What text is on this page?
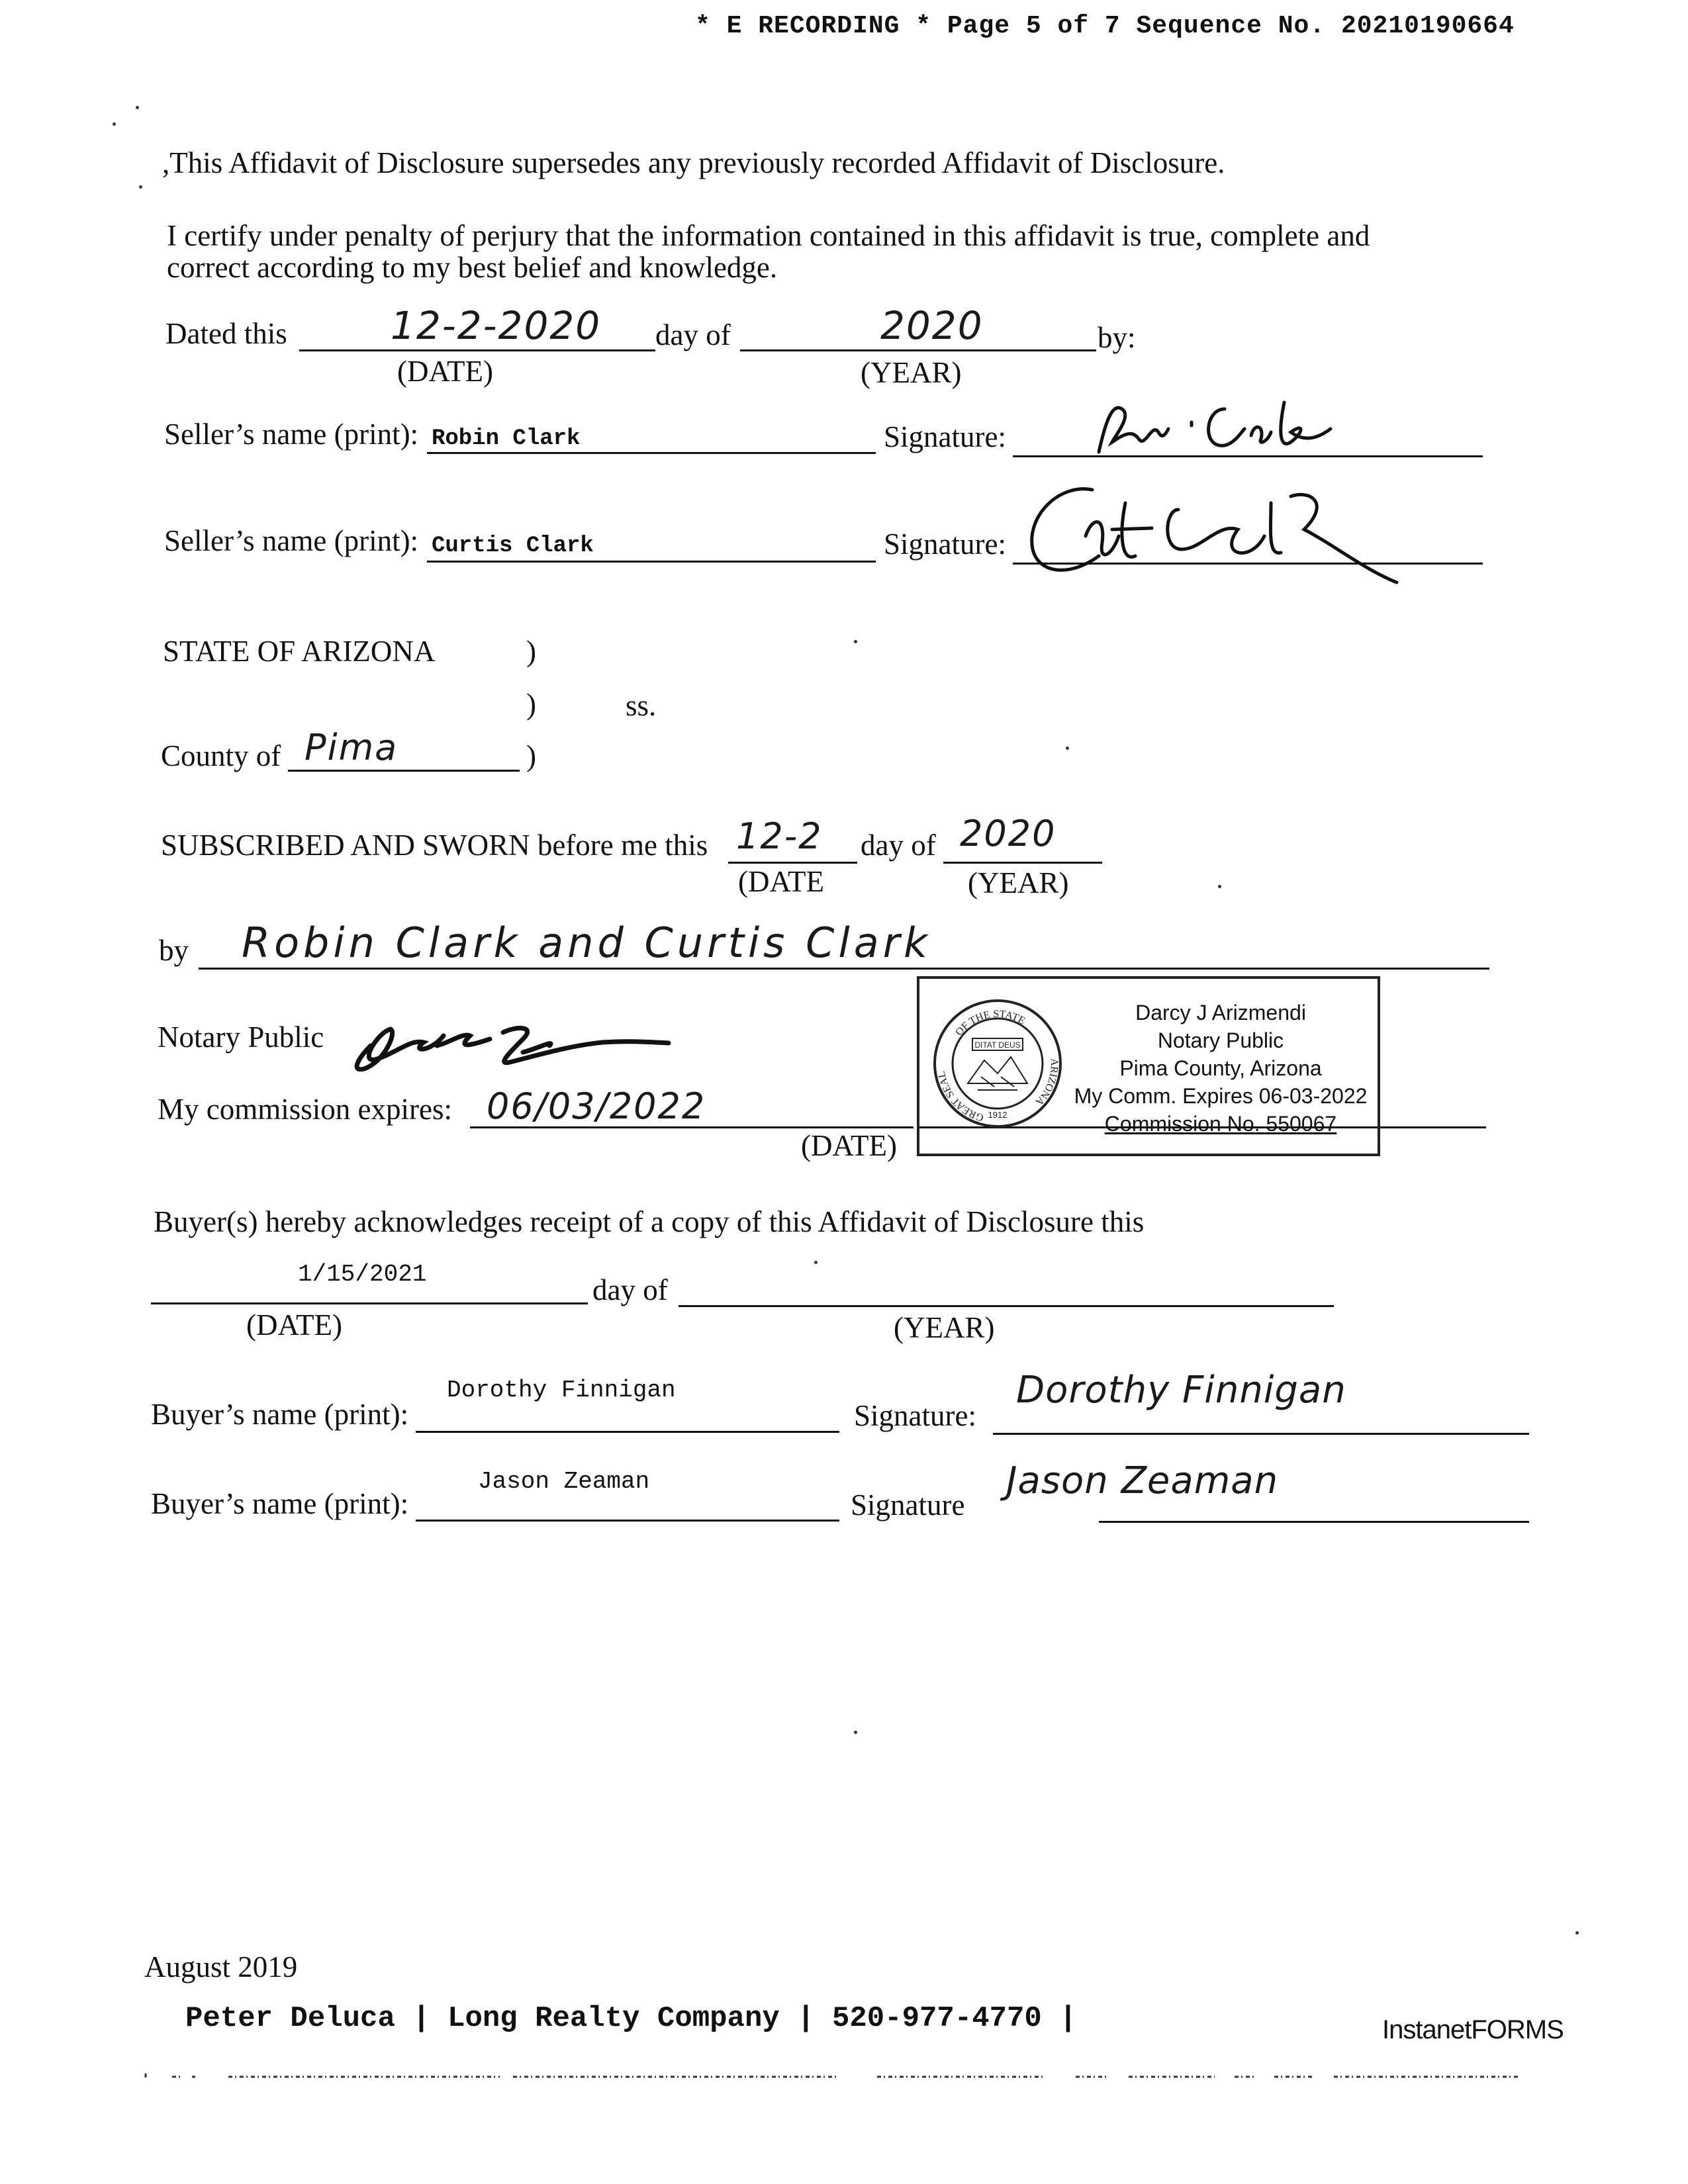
* E RECORDING * Page 5 of 7 Sequence No. 20210190664
,This Affidavit of Disclosure supersedes any previously recorded Affidavit of Disclosure.
I certify under penalty of perjury that the information contained in this affidavit is true, complete and
correct according to my best belief and knowledge.
Dated this	12-2-2020
(DATE)
day of	2020
(YEAR)
by:
Seller’s name (print): Robin Clark	Signature:
Seller’s name (print): Curtis Clark	Signature:
STATE OF ARIZONA	)
)	ss.
County of Pima	)
SUBSCRIBED AND SWORN before me this 12-2 day of 2020
(DATE	(YEAR)
by Robin Clark and Curtis Clark
Notary Public
My commission expires: 06/03/2022
(DATE)
OF THE STATE
GREAT SEAL
ARIZONA
DITAT DEUS
1912
Darcy J Arizmendi
Notary Public
Pima County, Arizona
My Comm. Expires 06-03-2022
Commission No. 550067
Buyer(s) hereby acknowledges receipt of a copy of this Affidavit of Disclosure this
1/15/2021	day of
(DATE)	(YEAR)
Buyer’s name (print):
Dorothy Finnigan
Signature:
Dorothy Finnigan
Buyer’s name (print):
Jason Zeaman
Signature
Jason Zeaman
August 2019
Peter Deluca | Long Realty Company | 520-977-4770 |	InstanetFORMS
